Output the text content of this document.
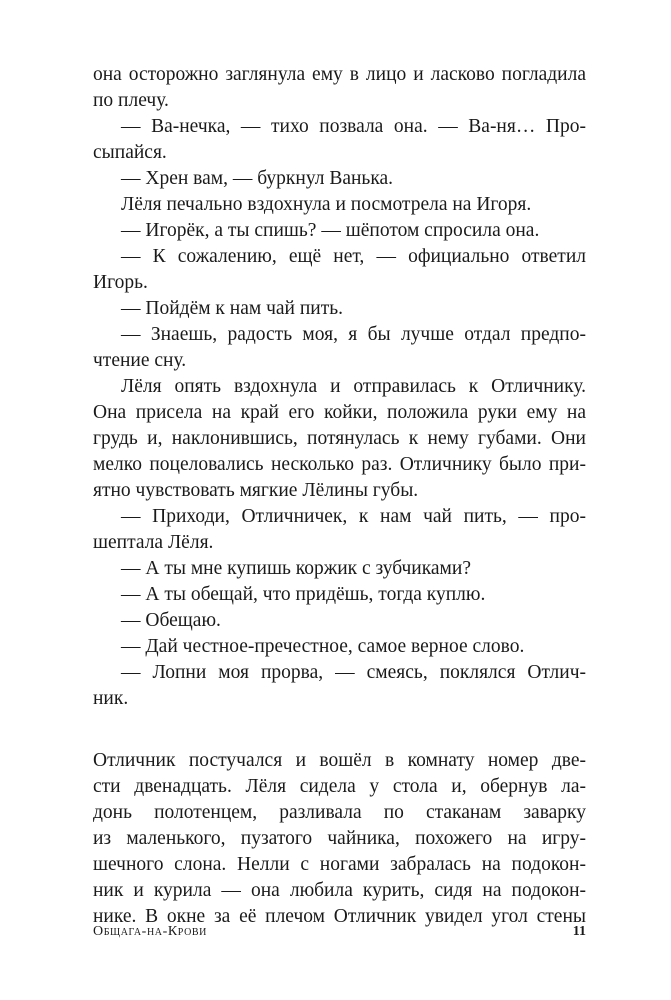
она осторожно заглянула ему в лицо и ласково погладила
по плечу.
— Ва-нечка, — тихо позвала она. — Ва-ня… Про-
сыпайся.
— Хрен вам, — буркнул Ванька.
Лёля печально вздохнула и посмотрела на Игоря.
— Игорёк, а ты спишь? — шёпотом спросила она.
— К сожалению, ещё нет, — официально ответил
Игорь.
— Пойдём к нам чай пить.
— Знаешь, радость моя, я бы лучше отдал предпо-
чтение сну.
Лёля опять вздохнула и отправилась к Отличнику.
Она присела на край его койки, положила руки ему на
грудь и, наклонившись, потянулась к нему губами. Они
мелко поцеловались несколько раз. Отличнику было при-
ятно чувствовать мягкие Лёлины губы.
— Приходи, Отличничек, к нам чай пить, — про-
шептала Лёля.
— А ты мне купишь коржик с зубчиками?
— А ты обещай, что придёшь, тогда куплю.
— Обещаю.
— Дай честное-пречестное, самое верное слово.
— Лопни моя прорва, — смеясь, поклялся Отлич-
ник.
Отличник постучался и вошёл в комнату номер две-
сти двенадцать. Лёля сидела у стола и, обернув ла-
донь полотенцем, разливала по стаканам заварку
из маленького, пузатого чайника, похожего на игру-
шечного слона. Нелли с ногами забралась на подокон-
ник и курила — она любила курить, сидя на подокон-
нике. В окне за её плечом Отличник увидел угол стены
Общага-на-Крови	11
